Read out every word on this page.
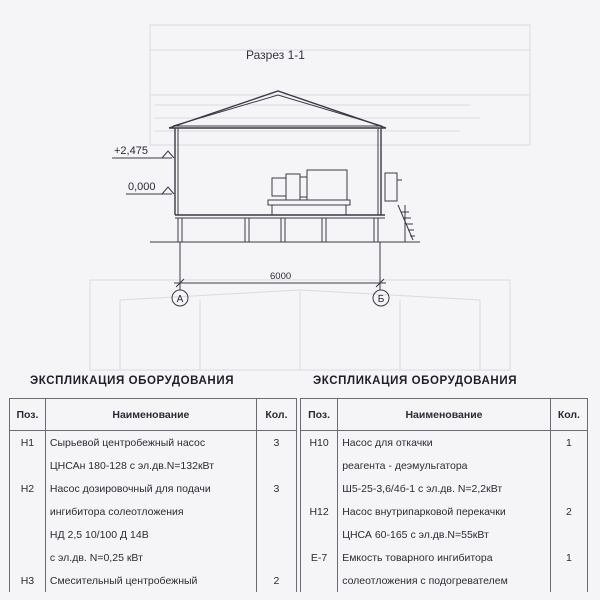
Разрез 1-1
+2,475
0,000
6000
А	Б
ЭКСПЛИКАЦИЯ ОБОРУДОВАНИЯ
Поз.	Наименование	Кол.
Н1	Сырьевой центробежный насос	3
	ЦНСАн 180-128 с эл.дв.N=132кВт	
Н2	Насос дозировочный для подачи	3
	ингибитора солеотложения	
	НД 2,5 10/100 Д 14В	
	с эл.дв. N=0,25 кВт	
Н3	Смесительный центробежный	2
ЭКСПЛИКАЦИЯ ОБОРУДОВАНИЯ
Поз.	Наименование	Кол.
Н10	Насос для откачки	1
	реагента - деэмульгатора	
	Ш5-25-3,6/4б-1 с эл.дв. N=2,2кВт	
Н12	Насос внутрипарковой перекачки	2
	ЦНСА 60-165 с эл.дв.N=55кВт	
Е-7	Емкость товарного ингибитора	1
	солеотложения с подогревателем	
